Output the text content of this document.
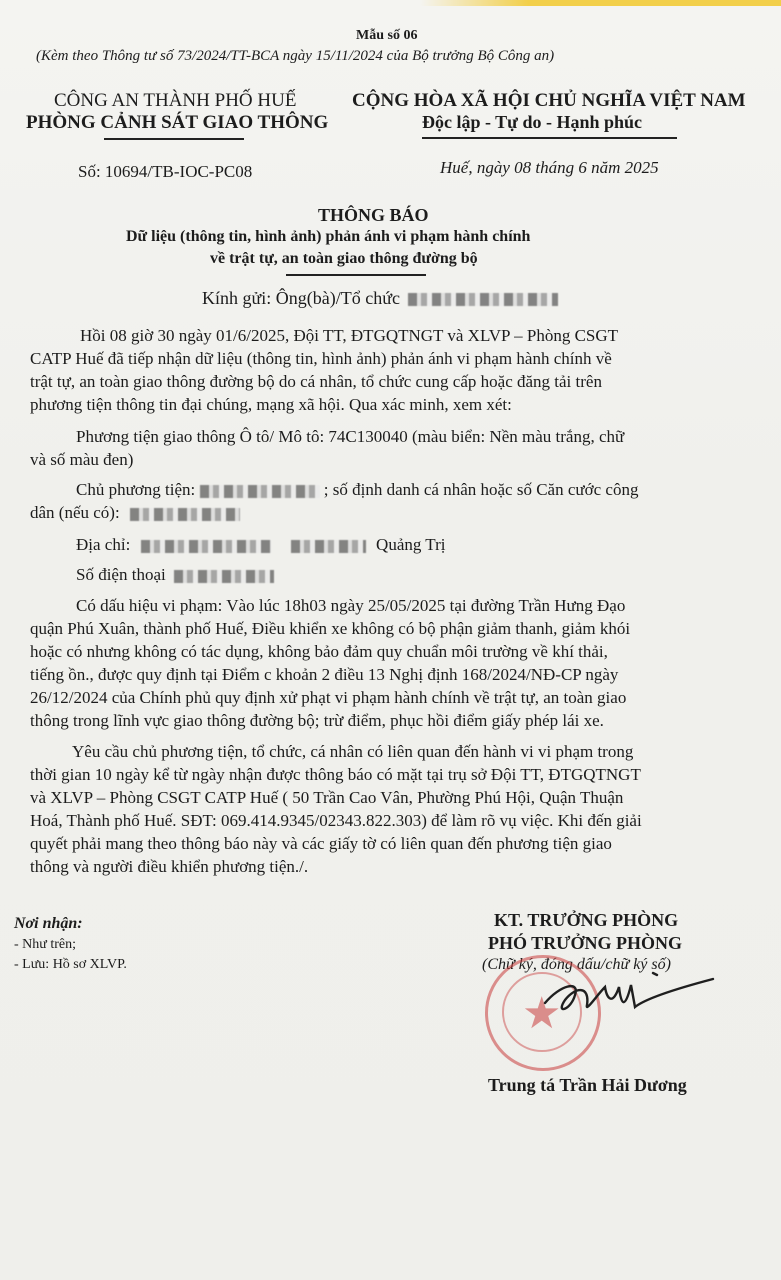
Mẫu số 06
(Kèm theo Thông tư số 73/2024/TT-BCA ngày 15/11/2024 của Bộ trưởng Bộ Công an)
CÔNG AN THÀNH PHỐ HUẾ
PHÒNG CẢNH SÁT GIAO THÔNG
CỘNG HÒA XÃ HỘI CHỦ NGHĨA VIỆT NAM
Độc lập - Tự do - Hạnh phúc
Số: 10694/TB-IOC-PC08	Huế, ngày 08 tháng 6 năm 2025
THÔNG BÁO
Dữ liệu (thông tin, hình ảnh) phản ánh vi phạm hành chính
về trật tự, an toàn giao thông đường bộ
Kính gửi: Ông(bà)/Tổ chức
Hồi 08 giờ 30 ngày 01/6/2025, Đội TT, ĐTGQTNGT và XLVP – Phòng CSGT
CATP Huế đã tiếp nhận dữ liệu (thông tin, hình ảnh) phản ánh vi phạm hành chính về
trật tự, an toàn giao thông đường bộ do cá nhân, tổ chức cung cấp hoặc đăng tải trên
phương tiện thông tin đại chúng, mạng xã hội. Qua xác minh, xem xét:
Phương tiện giao thông Ô tô/ Mô tô: 74C130040 (màu biển: Nền màu trắng, chữ
và số màu đen)
Chủ phương tiện:	; số định danh cá nhân hoặc số Căn cước công
dân (nếu có):
Địa chỉ:	Quảng Trị
Số điện thoại
Có dấu hiệu vi phạm: Vào lúc 18h03 ngày 25/05/2025 tại đường Trần Hưng Đạo
quận Phú Xuân, thành phố Huế, Điều khiển xe không có bộ phận giảm thanh, giảm khói
hoặc có nhưng không có tác dụng, không bảo đảm quy chuẩn môi trường về khí thải,
tiếng ồn., được quy định tại Điểm c khoản 2 điều 13 Nghị định 168/2024/NĐ-CP ngày
26/12/2024 của Chính phủ quy định xử phạt vi phạm hành chính về trật tự, an toàn giao
thông trong lĩnh vực giao thông đường bộ; trừ điểm, phục hồi điểm giấy phép lái xe.
Yêu cầu chủ phương tiện, tổ chức, cá nhân có liên quan đến hành vi vi phạm trong
thời gian 10 ngày kể từ ngày nhận được thông báo có mặt tại trụ sở Đội TT, ĐTGQTNGT
và XLVP – Phòng CSGT CATP Huế ( 50 Trần Cao Vân, Phường Phú Hội, Quận Thuận
Hoá, Thành phố Huế. SĐT: 069.414.9345/02343.822.303) để làm rõ vụ việc. Khi đến giải
quyết phải mang theo thông báo này và các giấy tờ có liên quan đến phương tiện giao
thông và người điều khiển phương tiện./.
Nơi nhận:
- Như trên;
- Lưu: Hồ sơ XLVP.
KT. TRƯỞNG PHÒNG
PHÓ TRƯỞNG PHÒNG
(Chữ ký, đóng dấu/chữ ký số)
★
Trung tá Trần Hải Dương
